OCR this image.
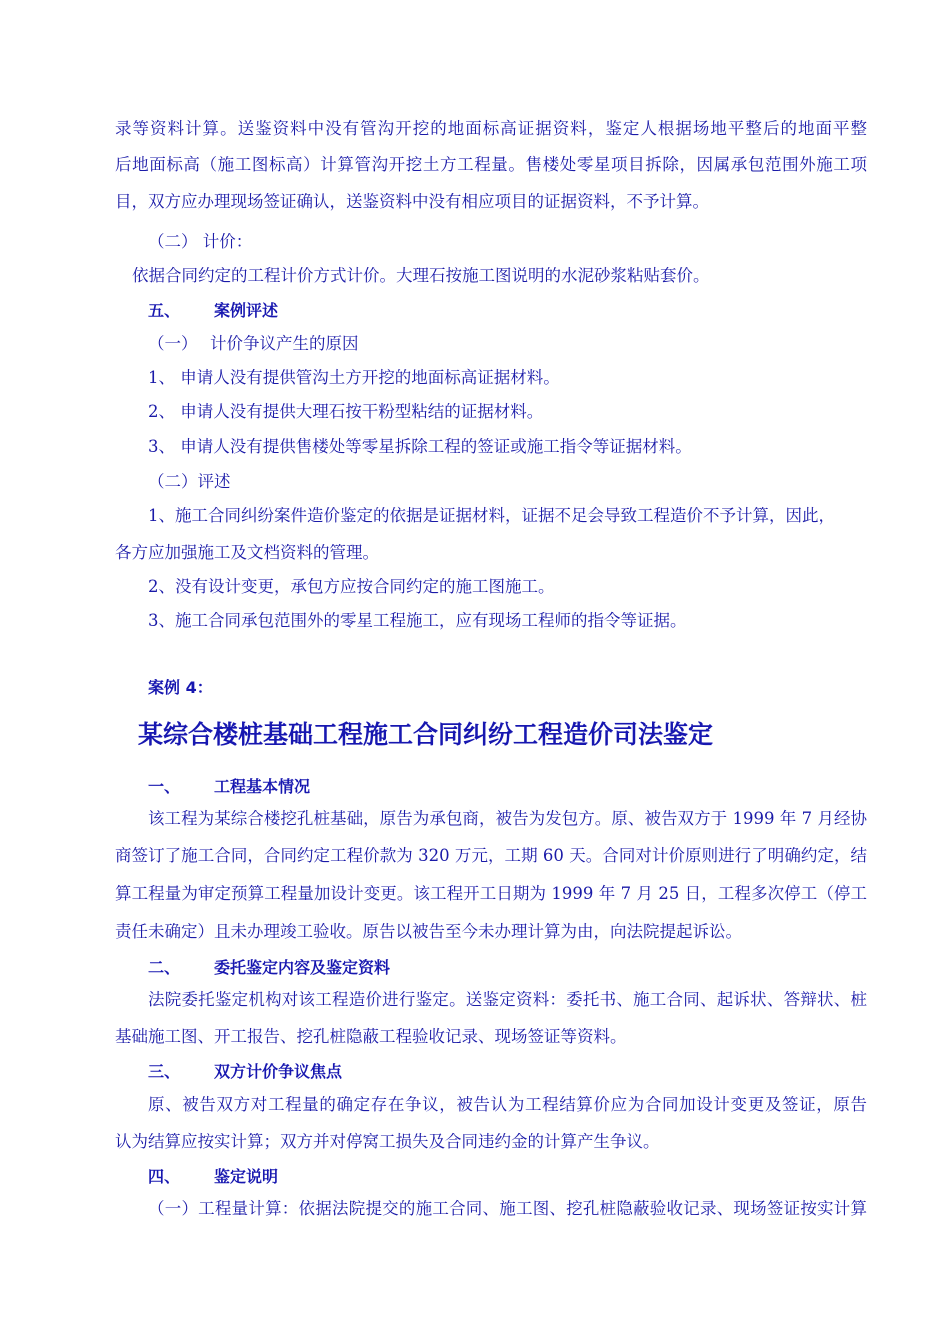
录等资料计算。送鉴资料中没有管沟开挖的地面标高证据资料，鉴定人根据场地平整后的地面平整
后地面标高（施工图标高）计算管沟开挖土方工程量。售楼处零星项目拆除，因属承包范围外施工项
目，双方应办理现场签证确认，送鉴资料中没有相应项目的证据资料，不予计算。
（二） 计价：
依据合同约定的工程计价方式计价。大理石按施工图说明的水泥砂浆粘贴套价。
五、 案例评述
（一） 计价争议产生的原因
1、 申请人没有提供管沟土方开挖的地面标高证据材料。
2、 申请人没有提供大理石按干粉型粘结的证据材料。
3、 申请人没有提供售楼处等零星拆除工程的签证或施工指令等证据材料。
（二）评述
1、施工合同纠纷案件造价鉴定的依据是证据材料，证据不足会导致工程造价不予计算，因此，
各方应加强施工及文档资料的管理。
2、没有设计变更，承包方应按合同约定的施工图施工。
3、施工合同承包范围外的零星工程施工，应有现场工程师的指令等证据。
案例 4：
某综合楼桩基础工程施工合同纠纷工程造价司法鉴定
一、 工程基本情况
该工程为某综合楼挖孔桩基础，原告为承包商，被告为发包方。原、被告双方于 1999 年 7 月经协
商签订了施工合同，合同约定工程价款为 320 万元，工期 60 天。合同对计价原则进行了明确约定，结
算工程量为审定预算工程量加设计变更。该工程开工日期为 1999 年 7 月 25 日，工程多次停工（停工
责任未确定）且未办理竣工验收。原告以被告至今未办理计算为由，向法院提起诉讼。
二、 委托鉴定内容及鉴定资料
法院委托鉴定机构对该工程造价进行鉴定。送鉴定资料：委托书、施工合同、起诉状、答辩状、桩
基础施工图、开工报告、挖孔桩隐蔽工程验收记录、现场签证等资料。
三、 双方计价争议焦点
原、被告双方对工程量的确定存在争议，被告认为工程结算价应为合同加设计变更及签证，原告
认为结算应按实计算；双方并对停窝工损失及合同违约金的计算产生争议。
四、 鉴定说明
（一）工程量计算：依据法院提交的施工合同、施工图、挖孔桩隐蔽验收记录、现场签证按实计算
